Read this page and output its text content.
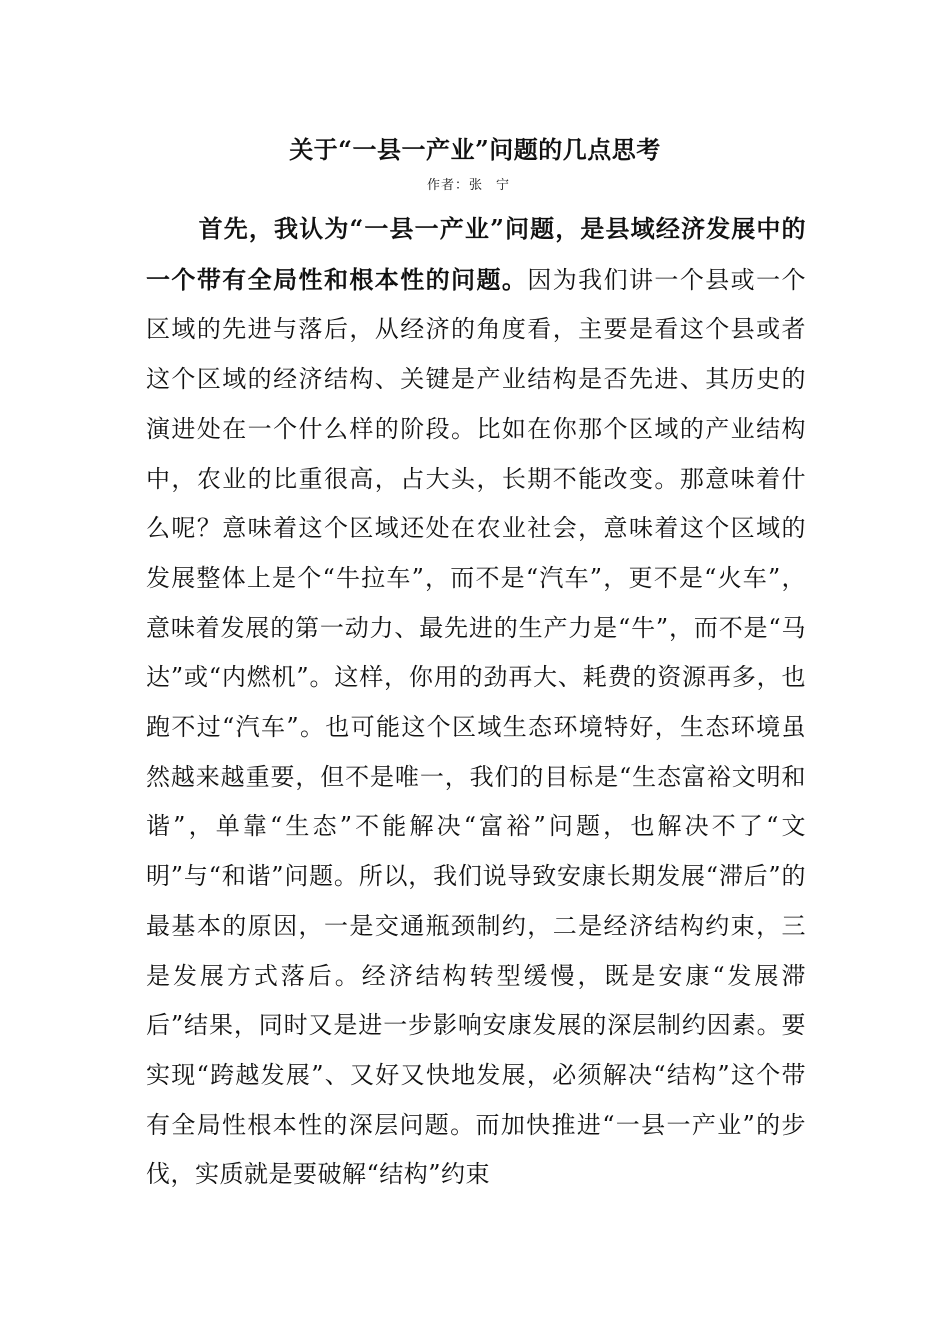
关于“一县一产业”问题的几点思考
作者：张宁

首先，我认为“一县一产业”问题，是县域经济发展中的一个带有全局性和根本性的问题。因为我们讲一个县或一个区域的先进与落后，从经济的角度看，主要是看这个县或者这个区域的经济结构、关键是产业结构是否先进、其历史的演进处在一个什么样的阶段。比如在你那个区域的产业结构中，农业的比重很高，占大头，长期不能改变。那意味着什么呢？意味着这个区域还处在农业社会，意味着这个区域的发展整体上是个“牛拉车”，而不是“汽车”，更不是“火车”，意味着发展的第一动力、最先进的生产力是“牛”，而不是“马达”或“内燃机”。这样，你用的劲再大、耗费的资源再多，也跑不过“汽车”。也可能这个区域生态环境特好，生态环境虽然越来越重要，但不是唯一，我们的目标是“生态富裕文明和谐”，单靠“生态”不能解决“富裕”问题，也解决不了“文明”与“和谐”问题。所以，我们说导致安康长期发展“滞后”的最基本的原因，一是交通瓶颈制约，二是经济结构约束，三是发展方式落后。经济结构转型缓慢，既是安康“发展滞后”结果，同时又是进一步影响安康发展的深层制约因素。要实现“跨越发展”、又好又快地发展，必须解决“结构”这个带有全局性根本性的深层问题。而加快推进“一县一产业”的步伐，实质就是要破解“结构”约束
